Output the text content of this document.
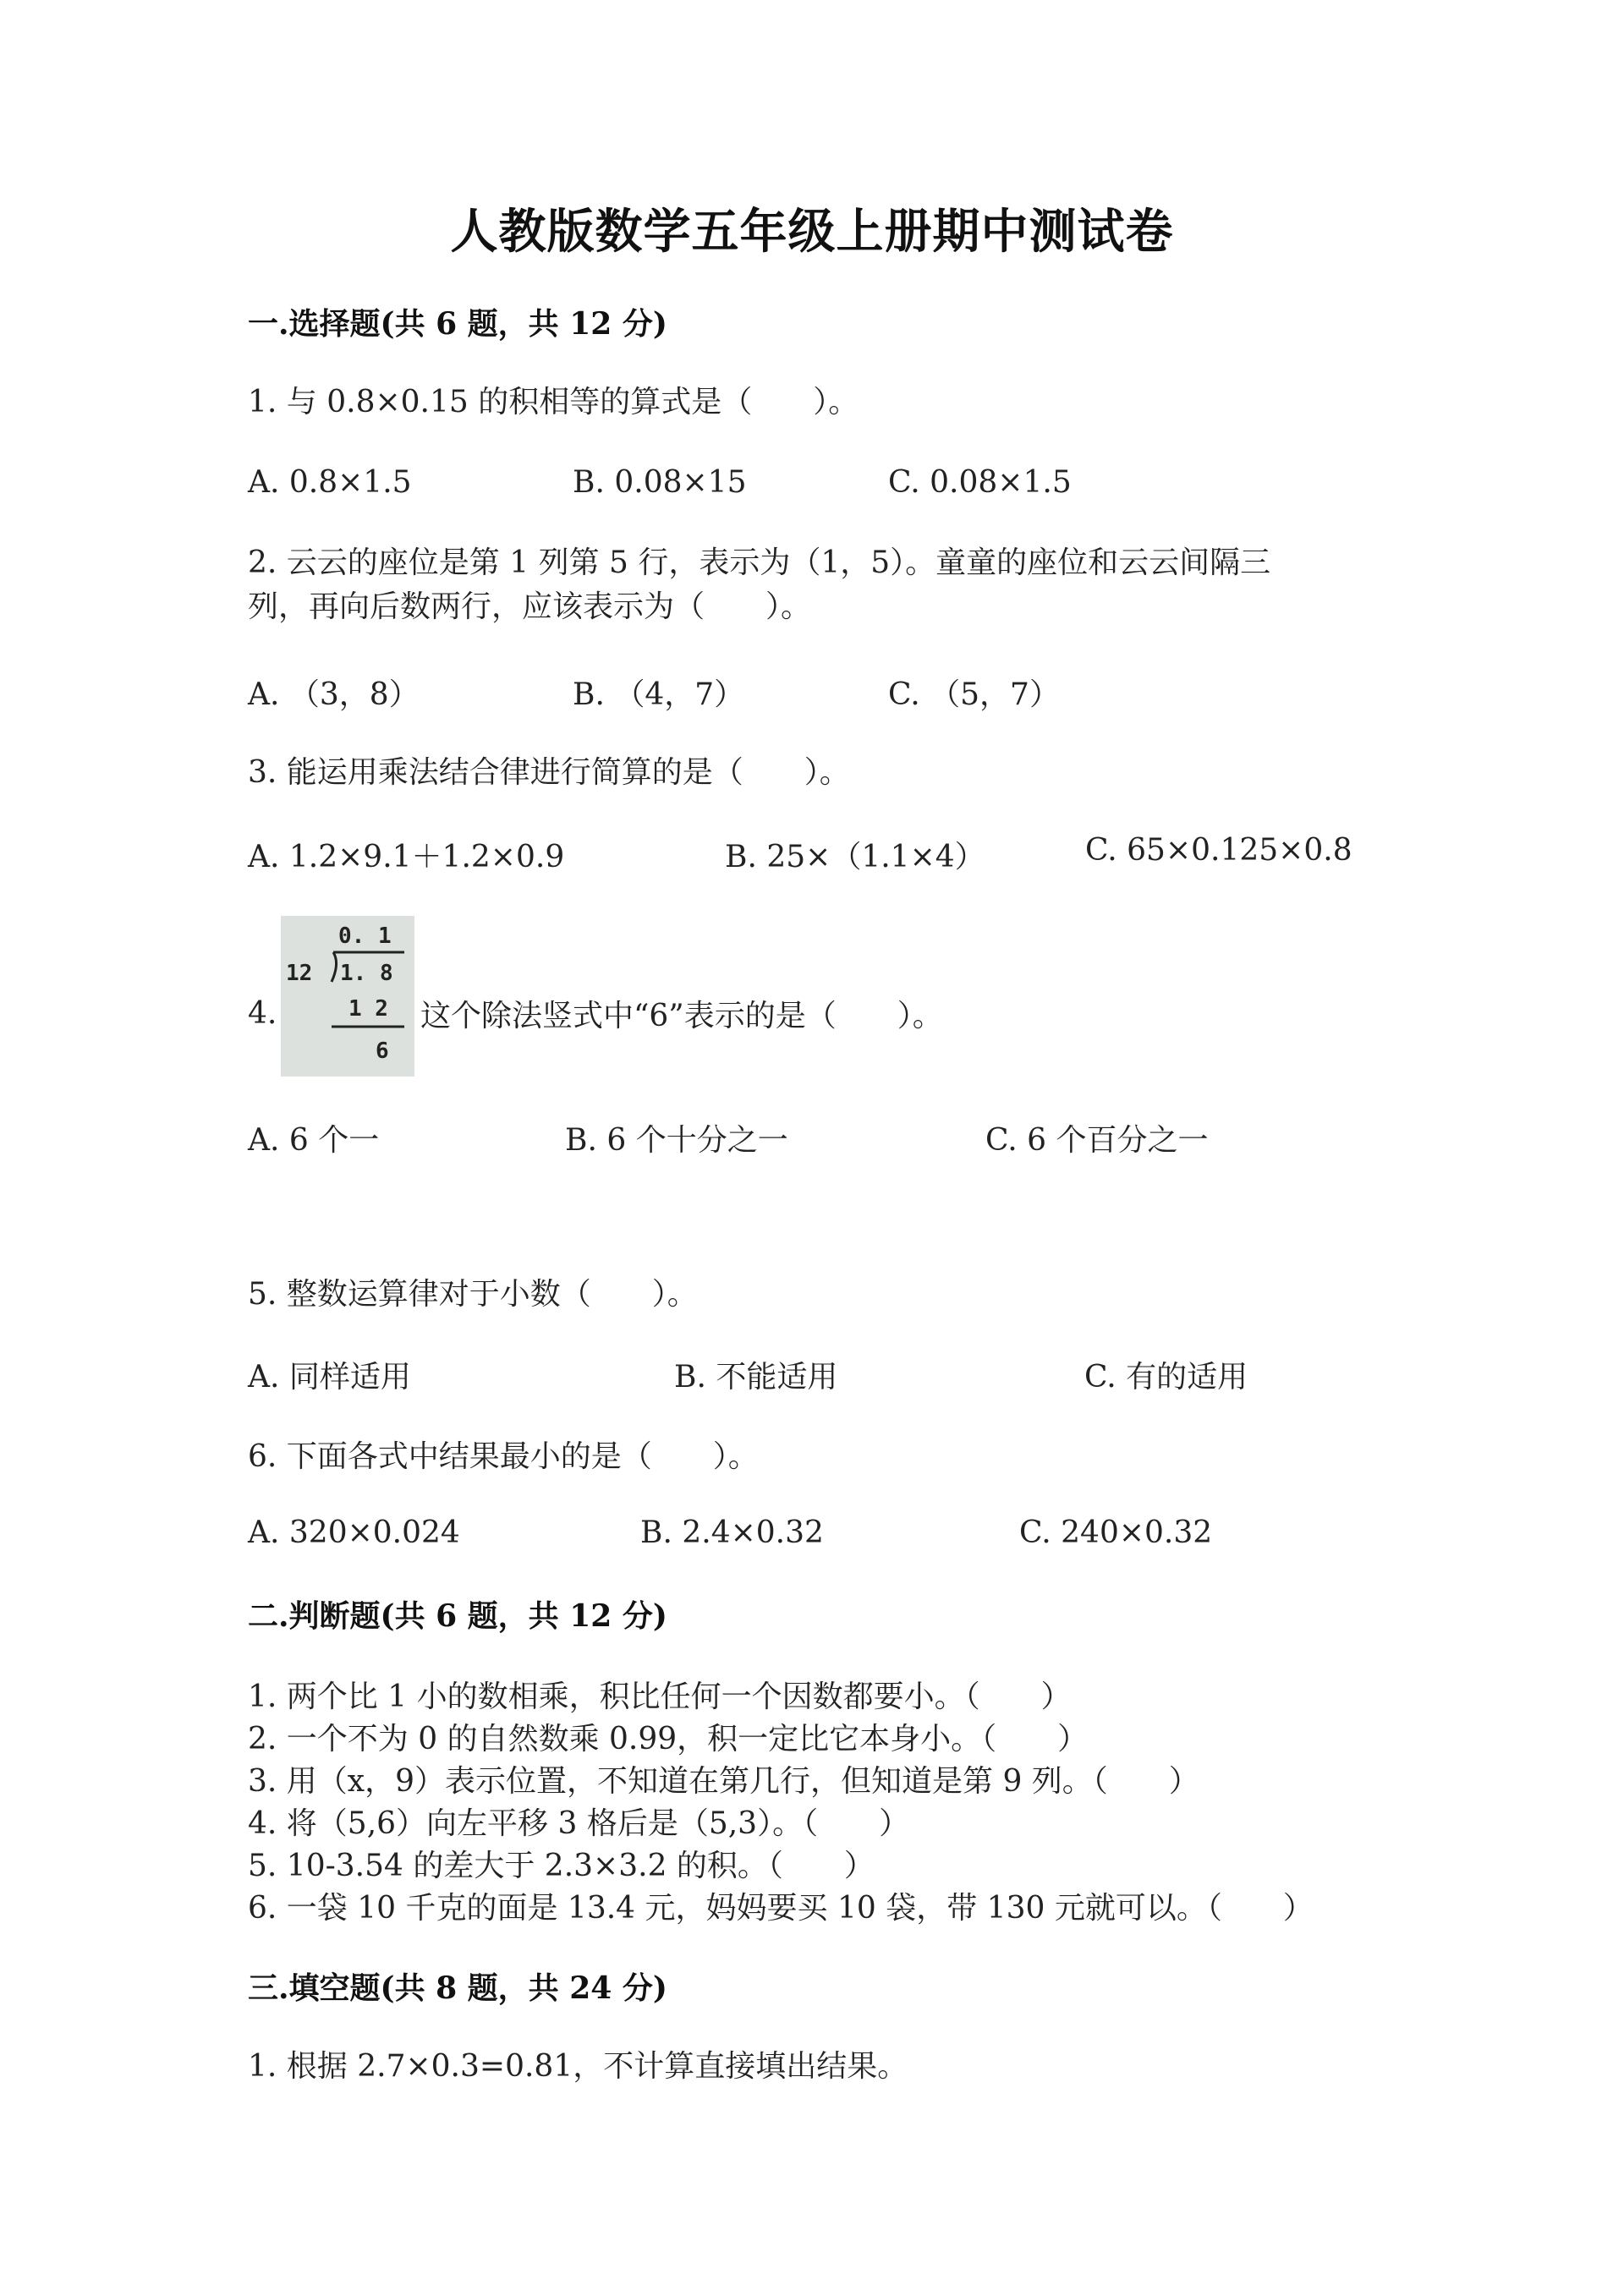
人教版数学五年级上册期中测试卷
一.选择题(共 6 题，共 12 分)
1. 与 0.8×0.15 的积相等的算式是（　　）。
A. 0.8×1.5	B. 0.08×15	C. 0.08×1.5
2. 云云的座位是第 1 列第 5 行，表示为（1，5）。童童的座位和云云间隔三
列，再向后数两行，应该表示为（　　）。
A. （3，8）	B. （4，7）	C. （5，7）
3. 能运用乘法结合律进行简算的是（　　）。
A. 1.2×9.1＋1.2×0.9	B. 25×（1.1×4）	C. 65×0.125×0.8
4.
0. 1
12 1. 8
1 2
6
这个除法竖式中“6”表示的是（　　）。
A. 6 个一	B. 6 个十分之一	C. 6 个百分之一
5. 整数运算律对于小数（　　）。
A. 同样适用	B. 不能适用	C. 有的适用
6. 下面各式中结果最小的是（　　）。
A. 320×0.024	B. 2.4×0.32	C. 240×0.32
二.判断题(共 6 题，共 12 分)
1. 两个比 1 小的数相乘，积比任何一个因数都要小。（　　）
2. 一个不为 0 的自然数乘 0.99，积一定比它本身小。（　　）
3. 用（x，9）表示位置，不知道在第几行，但知道是第 9 列。（　　）
4. 将（5,6）向左平移 3 格后是（5,3）。（　　）
5. 10-3.54 的差大于 2.3×3.2 的积。（　　）
6. 一袋 10 千克的面是 13.4 元，妈妈要买 10 袋，带 130 元就可以。（　　）
三.填空题(共 8 题，共 24 分)
1. 根据 2.7×0.3=0.81，不计算直接填出结果。
